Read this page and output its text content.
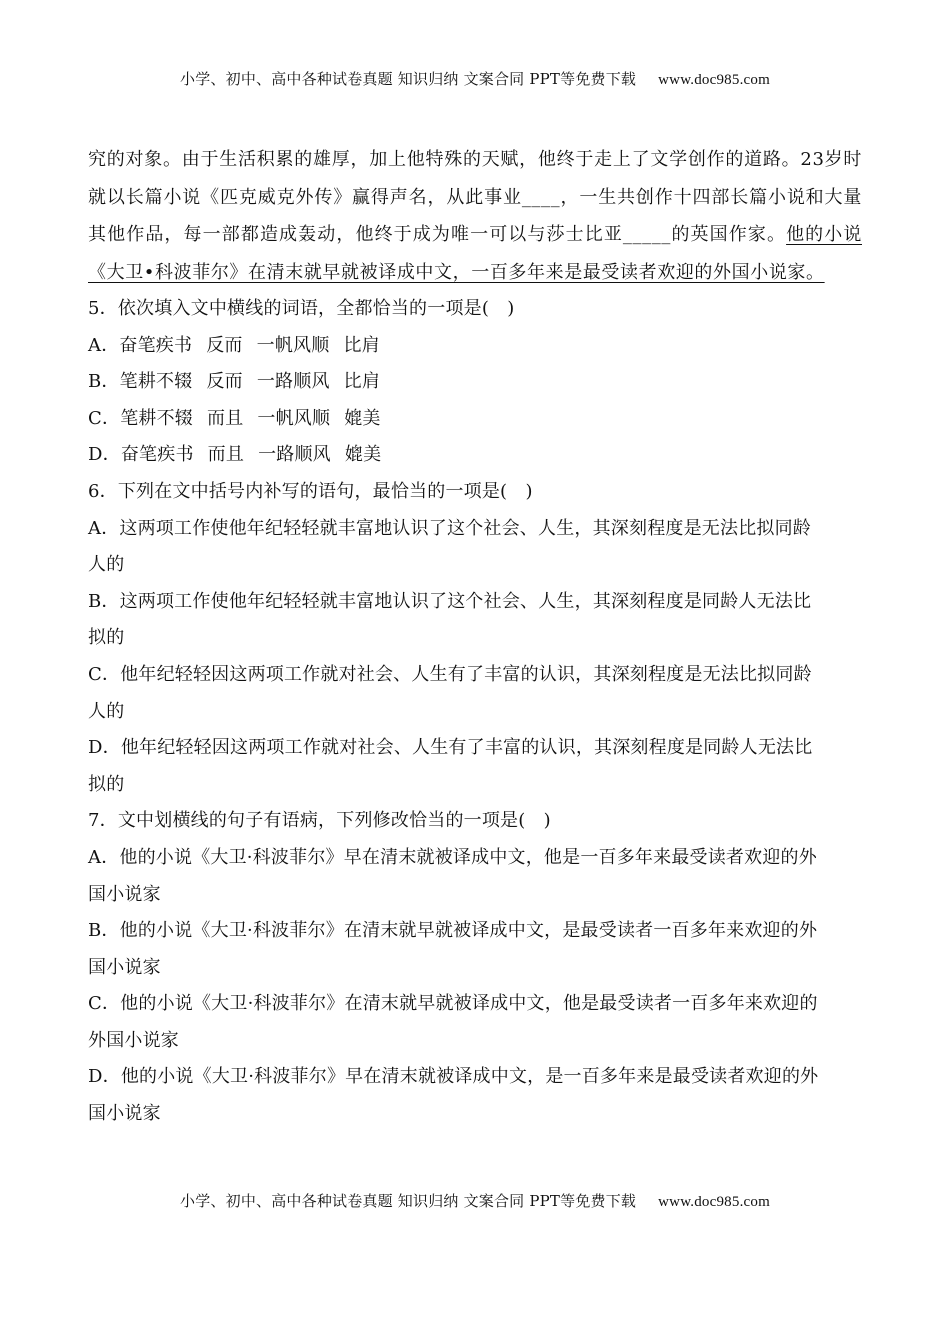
小学、初中、高中各种试卷真题 知识归纳 文案合同 PPT等免费下载 www.doc985.com

究的对象。由于生活积累的雄厚，加上他特殊的天赋，他终于走上了文学创作的道路。23岁时就以长篇小说《匹克威克外传》赢得声名，从此事业____，一生共创作十四部长篇小说和大量其他作品，每一部都造成轰动，他终于成为唯一可以与莎士比亚_____的英国作家。他的小说《大卫•科波菲尔》在清末就早就被译成中文，一百多年来是最受读者欢迎的外国小说家。

5．依次填入文中横线的词语，全都恰当的一项是(　)

A．奋笔疾书 反而 一帆风顺 比肩

B．笔耕不辍 反而 一路顺风 比肩

C．笔耕不辍 而且 一帆风顺 媲美

D．奋笔疾书 而且 一路顺风 媲美

6．下列在文中括号内补写的语句，最恰当的一项是(　)

A．这两项工作使他年纪轻轻就丰富地认识了这个社会、人生，其深刻程度是无法比拟同龄

人的

B．这两项工作使他年纪轻轻就丰富地认识了这个社会、人生，其深刻程度是同龄人无法比

拟的

C．他年纪轻轻因这两项工作就对社会、人生有了丰富的认识，其深刻程度是无法比拟同龄

人的

D．他年纪轻轻因这两项工作就对社会、人生有了丰富的认识，其深刻程度是同龄人无法比

拟的

7．文中划横线的句子有语病，下列修改恰当的一项是(　)

A．他的小说《大卫·科波菲尔》早在清末就被译成中文，他是一百多年来最受读者欢迎的外

国小说家

B．他的小说《大卫·科波菲尔》在清末就早就被译成中文，是最受读者一百多年来欢迎的外

国小说家

C．他的小说《大卫·科波菲尔》在清末就早就被译成中文，他是最受读者一百多年来欢迎的

外国小说家

D．他的小说《大卫·科波菲尔》早在清末就被译成中文，是一百多年来是最受读者欢迎的外

国小说家

小学、初中、高中各种试卷真题 知识归纳 文案合同 PPT等免费下载 www.doc985.com
